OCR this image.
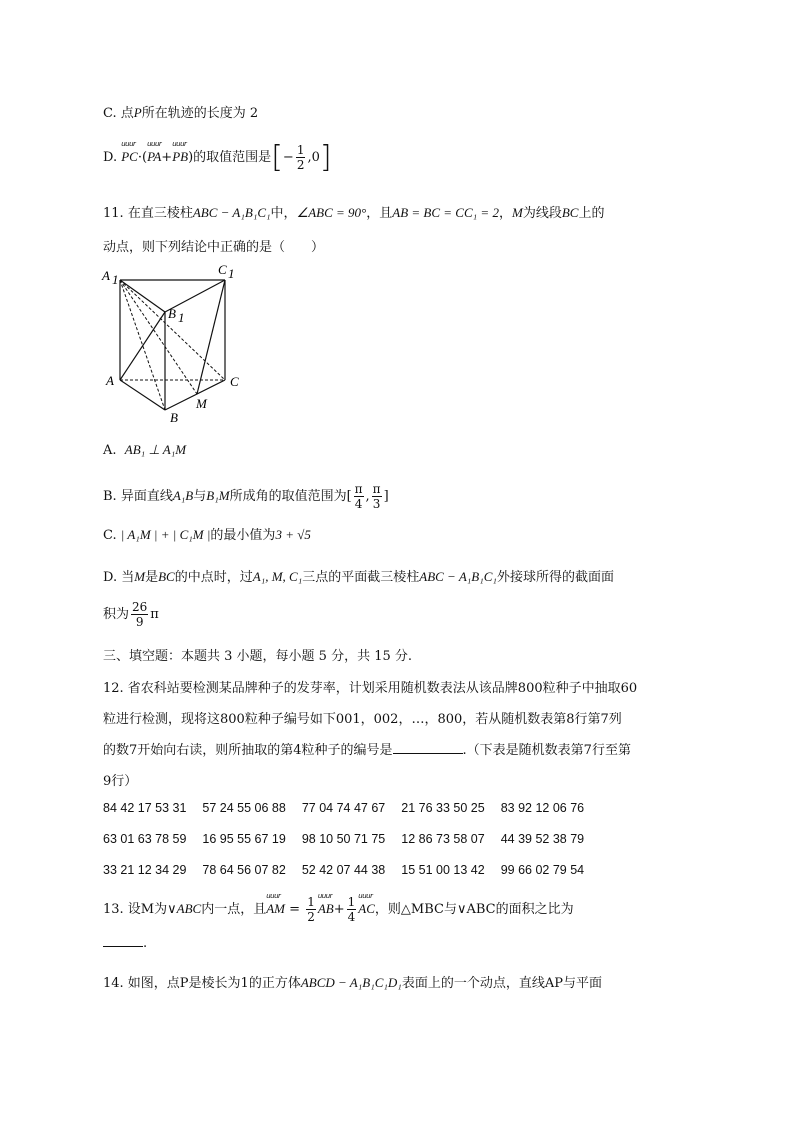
C. 点P所在轨迹的长度为 2
D. uuur PC·(uuur PA+uuur PB)的取值范围是[− $\frac{1}{2} ,0$]
11. 在直三棱柱ABC − A₁B₁C₁中，∠ABC = 90°，且AB = BC = CC₁ = 2，M为线段BC上的
动点，则下列结论中正确的是（　　）
A 1
C 1
B 1
A	C
B
M
A. AB₁ ⊥ A₁M
B. 异面直线A₁B与B₁M所成角的取值范围为[ $\frac{\pi}{4}$ , $\frac{\pi}{3}$ ]
C. | A₁M | + | C₁M |的最小值为3 + √5
D. 当M是BC的中点时，过A₁, M, C₁三点的平面截三棱柱ABC − A₁B₁C₁外接球所得的截面面
积为 $\frac{26}{9}$ π
三、填空题：本题共 3 小题，每小题 5 分，共 15 分.
12. 省农科站要检测某品牌种子的发芽率，计划采用随机数表法从该品牌800粒种子中抽取60
粒进行检测，现将这800粒种子编号如下001，002，…，800，若从随机数表第8行第7列
的数7开始向右读，则所抽取的第4粒种子的编号是	.（下表是随机数表第7行至第
9行）
84 42 17 53 31 57 24 55 06 88 77 04 74 47 67 21 76 33 50 25 83 92 12 06 76
63 01 63 78 59 16 95 55 67 19 98 10 50 71 75 12 86 73 58 07 44 39 52 38 79
33 21 12 34 29 78 64 56 07 82 52 42 07 44 38 15 51 00 13 42 99 66 02 79 54
13. 设M为∨ABC内一点，且uuur AM = $\frac{1}{2}$ uuur $AB+ \frac{1}{4}$ uuur AC，则△MBC与∨ABC的面积之比为
.
14. 如图，点P是棱长为1的正方体ABCD − A₁B₁C₁D₁表面上的一个动点，直线AP与平面
